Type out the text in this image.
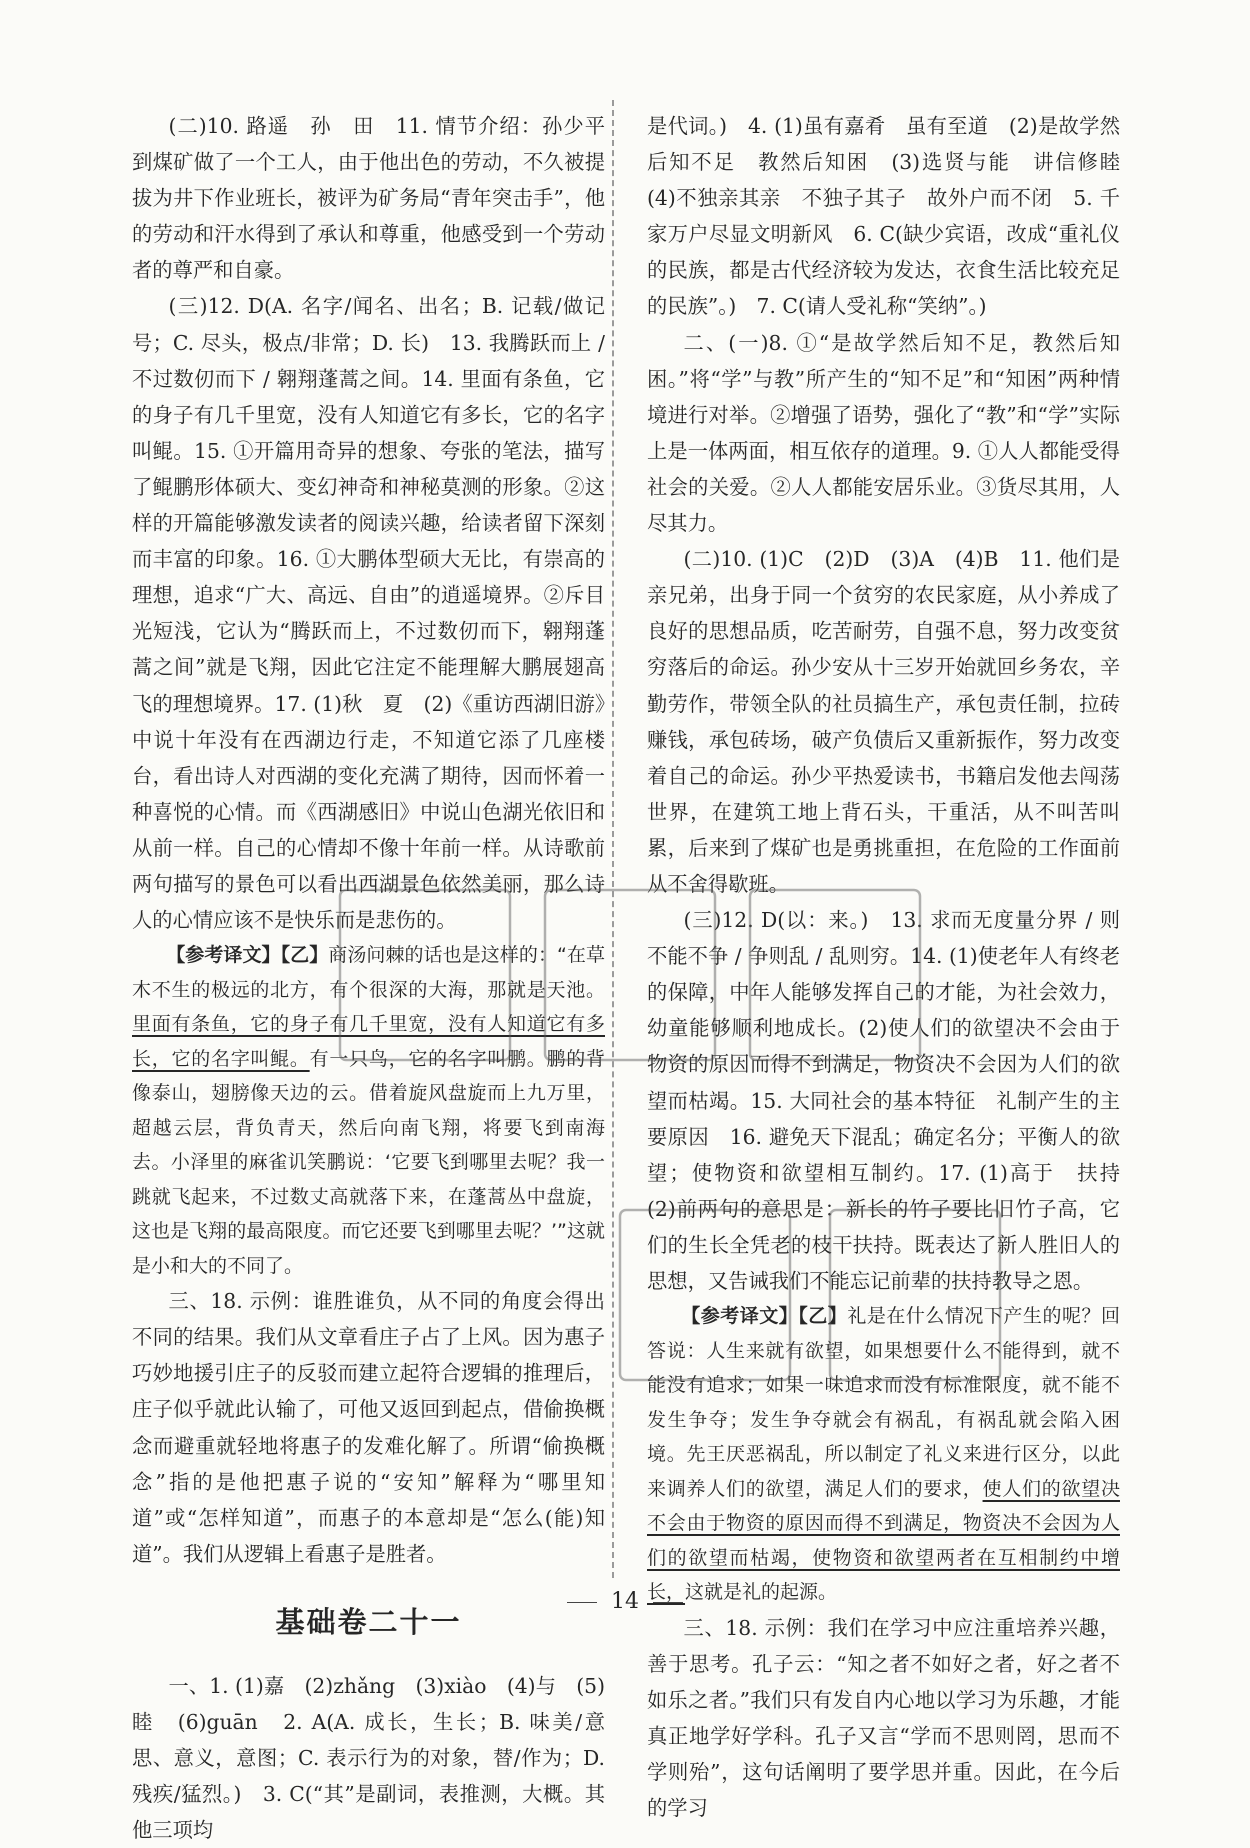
(二)10. 路遥　孙　田　11. 情节介绍：孙少平到煤矿做了一个工人，由于他出色的劳动，不久被提拔为井下作业班长，被评为矿务局“青年突击手”，他的劳动和汗水得到了承认和尊重，他感受到一个劳动者的尊严和自豪。

(三)12. D(A. 名字/闻名、出名；B. 记载/做记号；C. 尽头，极点/非常；D. 长)　13. 我腾跃而上 / 不过数仞而下 / 翱翔蓬蒿之间。14. 里面有条鱼，它的身子有几千里宽，没有人知道它有多长，它的名字叫鲲。15. ①开篇用奇异的想象、夸张的笔法，描写了鲲鹏形体硕大、变幻神奇和神秘莫测的形象。②这样的开篇能够激发读者的阅读兴趣，给读者留下深刻而丰富的印象。16. ①大鹏体型硕大无比，有崇高的理想，追求“广大、高远、自由”的逍遥境界。②斥目光短浅，它认为“腾跃而上，不过数仞而下，翱翔蓬蒿之间”就是飞翔，因此它注定不能理解大鹏展翅高飞的理想境界。17. (1)秋　夏　(2)《重访西湖旧游》中说十年没有在西湖边行走，不知道它添了几座楼台，看出诗人对西湖的变化充满了期待，因而怀着一种喜悦的心情。而《西湖感旧》中说山色湖光依旧和从前一样。自己的心情却不像十年前一样。从诗歌前两句描写的景色可以看出西湖景色依然美丽，那么诗人的心情应该不是快乐而是悲伤的。

【参考译文】【乙】商汤问棘的话也是这样的：“在草木不生的极远的北方，有个很深的大海，那就是天池。里面有条鱼，它的身子有几千里宽，没有人知道它有多长，它的名字叫鲲。有一只鸟，它的名字叫鹏。鹏的背像泰山，翅膀像天边的云。借着旋风盘旋而上九万里，超越云层，背负青天，然后向南飞翔，将要飞到南海去。小泽里的麻雀讥笑鹏说：‘它要飞到哪里去呢？我一跳就飞起来，不过数丈高就落下来，在蓬蒿丛中盘旋，这也是飞翔的最高限度。而它还要飞到哪里去呢？’”这就是小和大的不同了。

三、18. 示例：谁胜谁负，从不同的角度会得出不同的结果。我们从文章看庄子占了上风。因为惠子巧妙地援引庄子的反驳而建立起符合逻辑的推理后，庄子似乎就此认输了，可他又返回到起点，借偷换概念而避重就轻地将惠子的发难化解了。所谓“偷换概念”指的是他把惠子说的“安知”解释为“哪里知道”或“怎样知道”，而惠子的本意却是“怎么(能)知道”。我们从逻辑上看惠子是胜者。

基础卷二十一

一、1. (1)嘉　(2)zhǎng　(3)xiào　(4)与　(5)睦　(6)guān　2. A(A. 成长，生长；B. 味美/意思、意义，意图；C. 表示行为的对象，替/作为；D. 残疾/猛烈。)　3. C(“其”是副词，表推测，大概。其他三项均

是代词。)　4. (1)虽有嘉肴　虽有至道　(2)是故学然后知不足　教然后知困　(3)选贤与能　讲信修睦　(4)不独亲其亲　不独子其子　故外户而不闭　5. 千家万户尽显文明新风　6. C(缺少宾语，改成“重礼仪的民族，都是古代经济较为发达，衣食生活比较充足的民族”。)　7. C(请人受礼称“笑纳”。)

二、(一)8. ①“是故学然后知不足，教然后知困。”将“学”与教”所产生的“知不足”和“知困”两种情境进行对举。②增强了语势，强化了“教”和“学”实际上是一体两面，相互依存的道理。9. ①人人都能受得社会的关爱。②人人都能安居乐业。③货尽其用，人尽其力。

(二)10. (1)C　(2)D　(3)A　(4)B　11. 他们是亲兄弟，出身于同一个贫穷的农民家庭，从小养成了良好的思想品质，吃苦耐劳，自强不息，努力改变贫穷落后的命运。孙少安从十三岁开始就回乡务农，辛勤劳作，带领全队的社员搞生产，承包责任制，拉砖赚钱，承包砖场，破产负债后又重新振作，努力改变着自己的命运。孙少平热爱读书，书籍启发他去闯荡世界，在建筑工地上背石头，干重活，从不叫苦叫累，后来到了煤矿也是勇挑重担，在危险的工作面前从不舍得歇班。

(三)12. D(以：来。)　13. 求而无度量分界 / 则不能不争 / 争则乱 / 乱则穷。14. (1)使老年人有终老的保障，中年人能够发挥自己的才能，为社会效力，幼童能够顺利地成长。(2)使人们的欲望决不会由于物资的原因而得不到满足，物资决不会因为人们的欲望而枯竭。15. 大同社会的基本特征　礼制产生的主要原因　16. 避免天下混乱；确定名分；平衡人的欲望；使物资和欲望相互制约。17. (1)高于　扶持　(2)前两句的意思是：新长的竹子要比旧竹子高，它们的生长全凭老的枝干扶持。既表达了新人胜旧人的思想，又告诫我们不能忘记前辈的扶持教导之恩。

【参考译文】【乙】礼是在什么情况下产生的呢？回答说：人生来就有欲望，如果想要什么不能得到，就不能没有追求；如果一味追求而没有标准限度，就不能不发生争夺；发生争夺就会有祸乱，有祸乱就会陷入困境。先王厌恶祸乱，所以制定了礼义来进行区分，以此来调养人们的欲望，满足人们的要求，使人们的欲望决不会由于物资的原因而得不到满足，物资决不会因为人们的欲望而枯竭，使物资和欲望两者在互相制约中增长，这就是礼的起源。

三、18. 示例：我们在学习中应注重培养兴趣，善于思考。孔子云：“知之者不如好之者，好之者不如乐之者。”我们只有发自内心地以学习为乐趣，才能真正地学好学科。孔子又言“学而不思则罔，思而不学则殆”，这句话阐明了要学思并重。因此，在今后的学习

14
